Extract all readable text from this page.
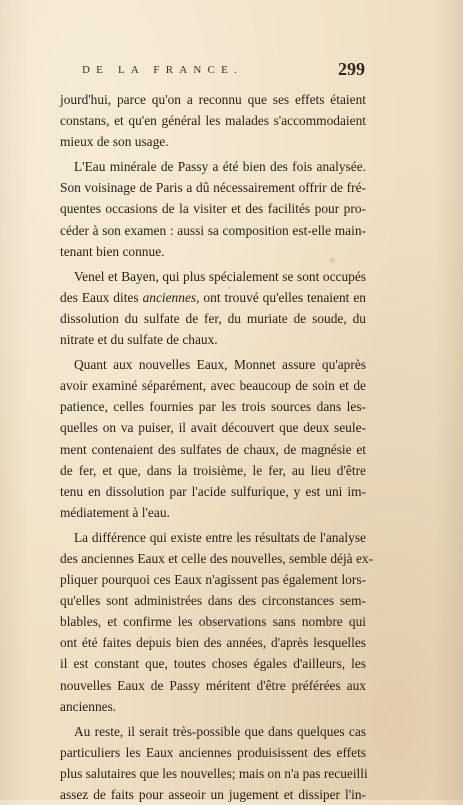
DE LA FRANCE.	299
jourd'hui, parce qu'on a reconnu que ses effets étaient
constans, et qu'en général les malades s'accommodaient
mieux de son usage.
L'Eau minérale de Passy a été bien des fois analysée.
Son voisinage de Paris a dû nécessairement offrir de fré-
quentes occasions de la visiter et des facilités pour pro-
céder à son examen : aussi sa composition est-elle main-
tenant bien connue.
Venel et Bayen, qui plus spécialement se sont occupés
des Eaux dites anciennes, ont trouvé qu'elles tenaient en
dissolution du sulfate de fer, du muriate de soude, du
nitrate et du sulfate de chaux.
Quant aux nouvelles Eaux, Monnet assure qu'après
avoir examiné séparément, avec beaucoup de soin et de
patience, celles fournies par les trois sources dans les-
quelles on va puiser, il avait découvert que deux seule-
ment contenaient des sulfates de chaux, de magnésie et
de fer, et que, dans la troisième, le fer, au lieu d'être
tenu en dissolution par l'acide sulfurique, y est uni im-
médiatement à l'eau.
La différence qui existe entre les résultats de l'analyse
des anciennes Eaux et celle des nouvelles, semble déjà ex-
pliquer pourquoi ces Eaux n'agissent pas également lors-
qu'elles sont administrées dans des circonstances sem-
blables, et confirme les observations sans nombre qui
ont été faites depuis bien des années, d'après lesquelles
il est constant que, toutes choses égales d'ailleurs, les
nouvelles Eaux de Passy méritent d'être préférées aux
anciennes.
Au reste, il serait très-possible que dans quelques cas
particuliers les Eaux anciennes produisissent des effets
plus salutaires que les nouvelles; mais on n'a pas recueilli
assez de faits pour asseoir un jugement et dissiper l'in-
